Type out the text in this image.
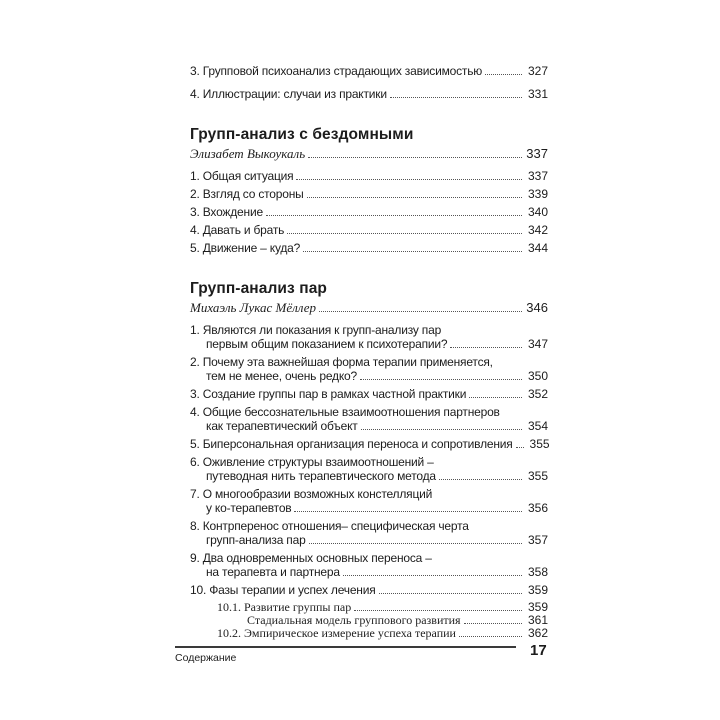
3. Групповой психоанализ страдающих зависимостью	327
4. Иллюстрации: случаи из практики	331
Групп-анализ с бездомными
Элизабет Выкоукаль	337
1. Общая ситуация	337
2. Взгляд со стороны	339
3. Вхождение	340
4. Давать и брать	342
5. Движение – куда?	344
Групп-анализ пар
Михаэль Лукас Мёллер	346
1. Являются ли показания к групп-анализу пар
первым общим показанием к психотерапии?	347
2. Почему эта важнейшая форма терапии применяется,
тем не менее, очень редко?	350
3. Создание группы пар в рамках частной практики	352
4. Общие бессознательные взаимоотношения партнеров
как терапевтический объект	354
5. Биперсональная организация переноса и сопротивления	355
6. Оживление структуры взаимоотношений –
путеводная нить терапевтического метода	355
7. О многообразии возможных констелляций
у ко-терапевтов	356
8. Контрперенос отношения– специфическая черта
групп-анализа пар	357
9. Два одновременных основных переноса –
на терапевта и партнера	358
10. Фазы терапии и успех лечения	359
10.1. Развитие группы пар	359
Стадиальная модель группового развития	361
10.2. Эмпирическое измерение успеха терапии	362
Содержание	17
